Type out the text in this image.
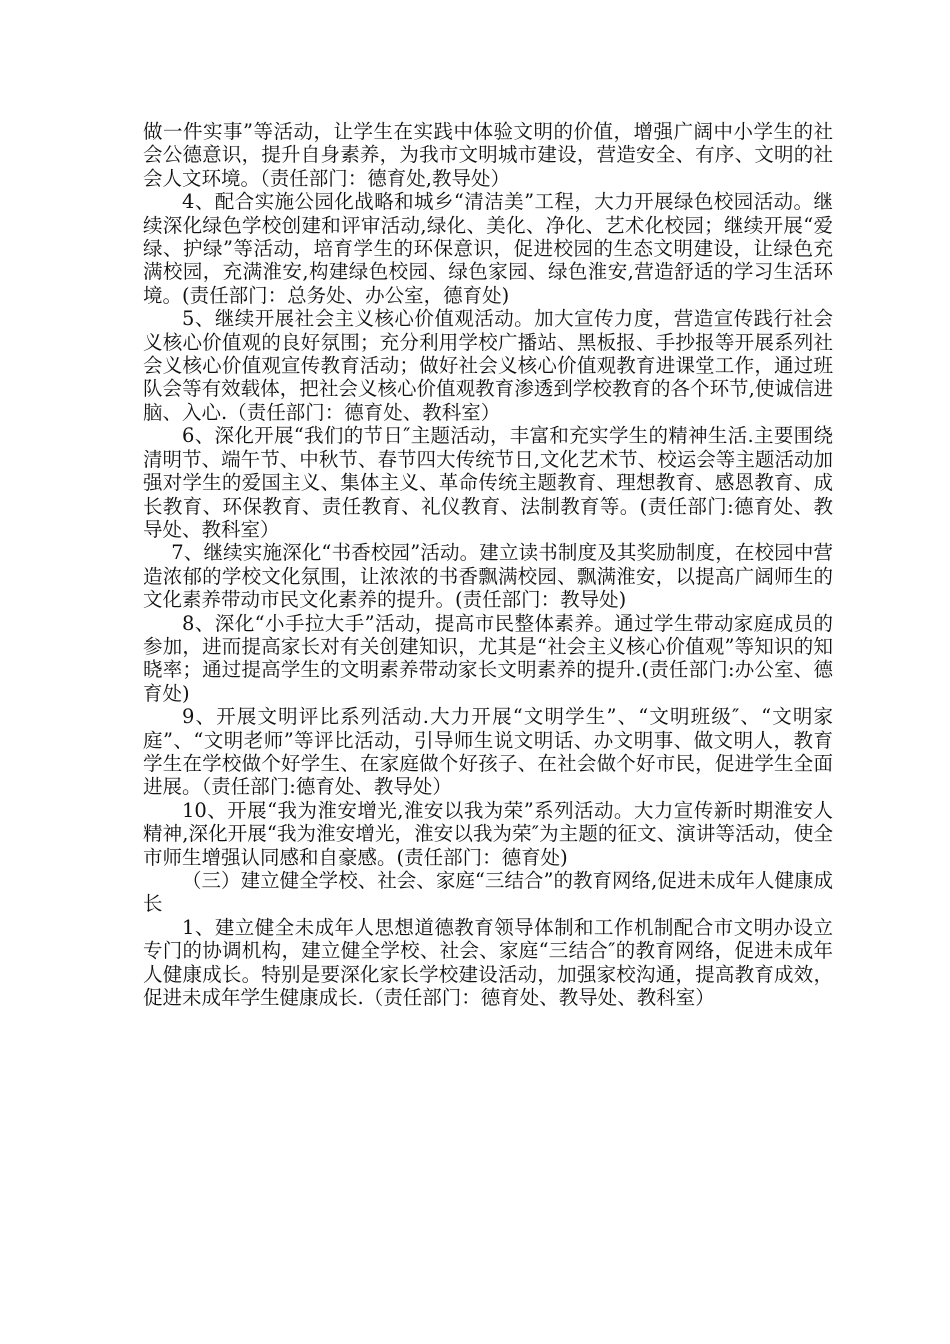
做一件实事”等活动，让学生在实践中体验文明的价值，增强广阔中小学生的社会公德意识，提升自身素养，为我市文明城市建设，营造安全、有序、文明的社会人文环境。（责任部门：德育处,教导处）

4、配合实施公园化战略和城乡“清洁美”工程，大力开展绿色校园活动。继续深化绿色学校创建和评审活动,绿化、美化、净化、艺术化校园；继续开展“爱绿、护绿”等活动，培育学生的环保意识，促进校园的生态文明建设，让绿色充满校园，充满淮安,构建绿色校园、绿色家园、绿色淮安,营造舒适的学习生活环境。(责任部门：总务处、办公室，德育处)

5、继续开展社会主义核心价值观活动。加大宣传力度，营造宣传践行社会义核心价值观的良好氛围；充分利用学校广播站、黑板报、手抄报等开展系列社会义核心价值观宣传教育活动；做好社会义核心价值观教育进课堂工作，通过班队会等有效载体，把社会义核心价值观教育渗透到学校教育的各个环节,使诚信进脑、入心.（责任部门：德育处、教科室）

6、深化开展“我们的节日″主题活动，丰富和充实学生的精神生活.主要围绕清明节、端午节、中秋节、春节四大传统节日,文化艺术节、校运会等主题活动加强对学生的爱国主义、集体主义、革命传统主题教育、理想教育、感恩教育、成长教育、环保教育、责任教育、礼仪教育、法制教育等。(责任部门:德育处、教导处、教科室）

7、继续实施深化“书香校园”活动。建立读书制度及其奖励制度，在校园中营造浓郁的学校文化氛围，让浓浓的书香飘满校园、飘满淮安，以提高广阔师生的文化素养带动市民文化素养的提升。(责任部门：教导处)

8、深化“小手拉大手”活动，提高市民整体素养。通过学生带动家庭成员的参加，进而提高家长对有关创建知识，尤其是“社会主义核心价值观”等知识的知晓率；通过提高学生的文明素养带动家长文明素养的提升.(责任部门:办公室、德育处)

9、开展文明评比系列活动.大力开展“文明学生”、“文明班级″、“文明家庭”、“文明老师”等评比活动，引导师生说文明话、办文明事、做文明人，教育学生在学校做个好学生、在家庭做个好孩子、在社会做个好市民，促进学生全面进展。（责任部门:德育处、教导处）

10、开展“我为淮安增光,淮安以我为荣”系列活动。大力宣传新时期淮安人精神,深化开展“我为淮安增光，淮安以我为荣″为主题的征文、演讲等活动，使全市师生增强认同感和自豪感。(责任部门：德育处)

（三）建立健全学校、社会、家庭“三结合”的教育网络,促进未成年人健康成长

1、建立健全未成年人思想道德教育领导体制和工作机制配合市文明办设立专门的协调机构，建立健全学校、社会、家庭“三结合″的教育网络，促进未成年人健康成长。特别是要深化家长学校建设活动，加强家校沟通，提高教育成效，促进未成年学生健康成长.（责任部门：德育处、教导处、教科室）
